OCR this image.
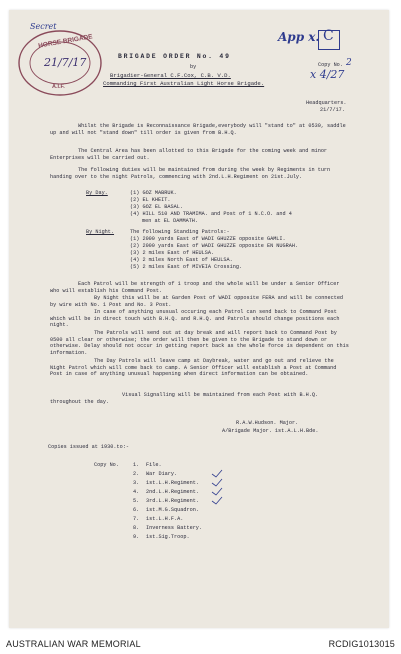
HORSE BRIGADE
A.I.F.
21/7/17
Secret
App x. C
2
x 4/27
BRIGADE ORDER No. 49
by
Brigadier-General C.F.Cox, C.B. V.D.
Commanding First Australian Light Horse Brigade.
Copy No.
Headquarters.
21/7/17.
Whilst the Brigade is Reconnaissance Brigade,everybody will "stand to" at 0530, saddle up and will not "stand down" till order is given from B.H.Q.
The Central Area has been allotted to this Brigade for the coming week and minor Enterprises will be carried out.
The following duties will be maintained from during the week by Regiments in turn handing over to the night Patrols, commencing with 2nd.L.H.Regiment on 21st.July.
By Day.	(1) GOZ MABRUK.
(2) EL KHEIT.
(3) GOZ EL BASAL.
(4) HILL 510 AND TRAMIMA. and Post of 1 N.C.O. and 4
men at EL DAMMATH.
By Night.	The following Standing Patrols:-
(1) 2000 yards East of WADI GHUZZE opposite GAMLI.
(2) 2000 yards East of WADI GHUZZE opposite EN NUGRAH.
(3) 2 miles East of HEULSA.
(4) 2 miles North East of HEULSA.
(5) 2 miles East of MIVEIA Crossing.
Each Patrol will be strength of 1 troop and the whole will be under a Senior Officer who will establish his Command Post.
By Night this will be at Garden Post of WADI opposite FERA and will be connected by wire with No. 1 Post and No. 3 Post.
In case of anything unusual occuring each Patrol can send back to Command Post which will be in direct touch with B.H.Q. and R.H.Q. and Patrols should change positions each night.
The Patrols will send out at day break and will report back to Command Post by 0500 all clear or otherwise; the order will then be given to the Brigade to stand down or otherwise. Delay should not occur in getting report back as the whole force is dependent on this information.
The Day Patrols will leave camp at Daybreak, water and go out and relieve the Night Patrol which will come back to camp. A Senior Officer will establish a Post at Command Post in case of anything unusual happening when direct information can be obtained.
Visual Signalling will be maintained from each Post with B.H.Q. throughout the day.
R.A.W.Hudson. Major.
A/Brigade Major. 1st.A.L.H.Bde.
Copies issued at 1930.to:-
Copy No.	1. File.
2. War Diary.
3. 1st.L.H.Regiment.
4. 2nd.L.H.Regiment.
5. 3rd.L.H.Regiment.
6. 1st.M.G.Squadron.
7. 1st.L.H.F.A.
8. Inverness Battery.
9. 1st.Sig.Troop.
AUSTRALIAN WAR MEMORIAL	RCDIG1013015
